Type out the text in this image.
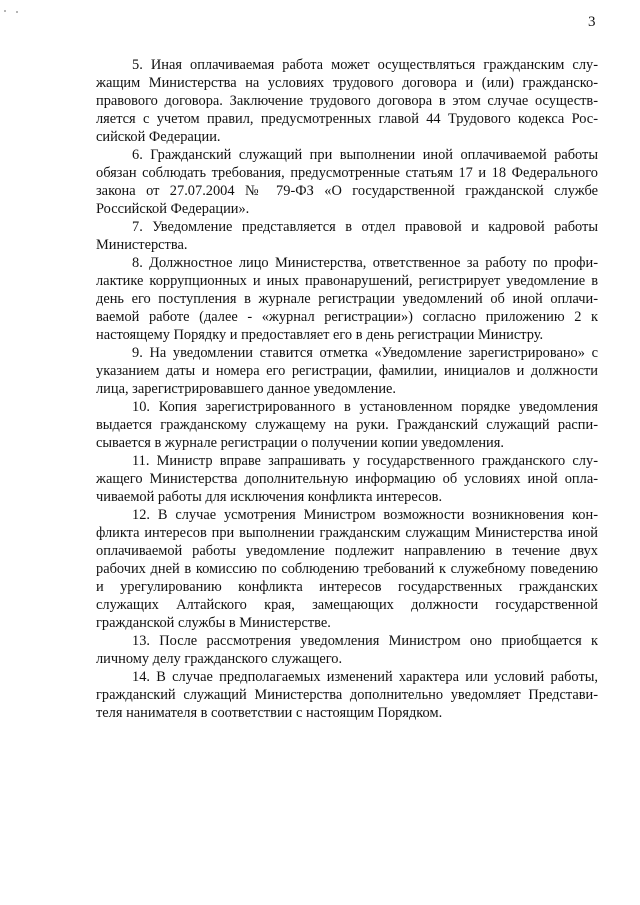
3

5. Иная оплачиваемая работа может осуществляться гражданским служащим Министерства на условиях трудового договора и (или) гражданскоправового договора. Заключение трудового договора в этом случае осуществляется с учетом правил, предусмотренных главой 44 Трудового кодекса Российской Федерации.

6. Гражданский служащий при выполнении иной оплачиваемой работы обязан соблюдать требования, предусмотренные статьям 17 и 18 Федерального закона от 27.07.2004 № 79-ФЗ «О государственной гражданской службе Российской Федерации».

7. Уведомление представляется в отдел правовой и кадровой работы Министерства.

8. Должностное лицо Министерства, ответственное за работу по профилактике коррупционных и иных правонарушений, регистрирует уведомление в день его поступления в журнале регистрации уведомлений об иной оплачиваемой работе (далее - «журнал регистрации») согласно приложению 2 к настоящему Порядку и предоставляет его в день регистрации Министру.

9. На уведомлении ставится отметка «Уведомление зарегистрировано» с указанием даты и номера его регистрации, фамилии, инициалов и должности лица, зарегистрировавшего данное уведомление.

10. Копия зарегистрированного в установленном порядке уведомления выдается гражданскому служащему на руки. Гражданский служащий расписывается в журнале регистрации о получении копии уведомления.

11. Министр вправе запрашивать у государственного гражданского служащего Министерства дополнительную информацию об условиях иной оплачиваемой работы для исключения конфликта интересов.

12. В случае усмотрения Министром возможности возникновения конфликта интересов при выполнении гражданским служащим Министерства иной оплачиваемой работы уведомление подлежит направлению в течение двух рабочих дней в комиссию по соблюдению требований к служебному поведению и урегулированию конфликта интересов государственных гражданских служащих Алтайского края, замещающих должности государственной гражданской службы в Министерстве.

13. После рассмотрения уведомления Министром оно приобщается к личному делу гражданского служащего.

14. В случае предполагаемых изменений характера или условий работы, гражданский служащий Министерства дополнительно уведомляет Представителя нанимателя в соответствии с настоящим Порядком.
